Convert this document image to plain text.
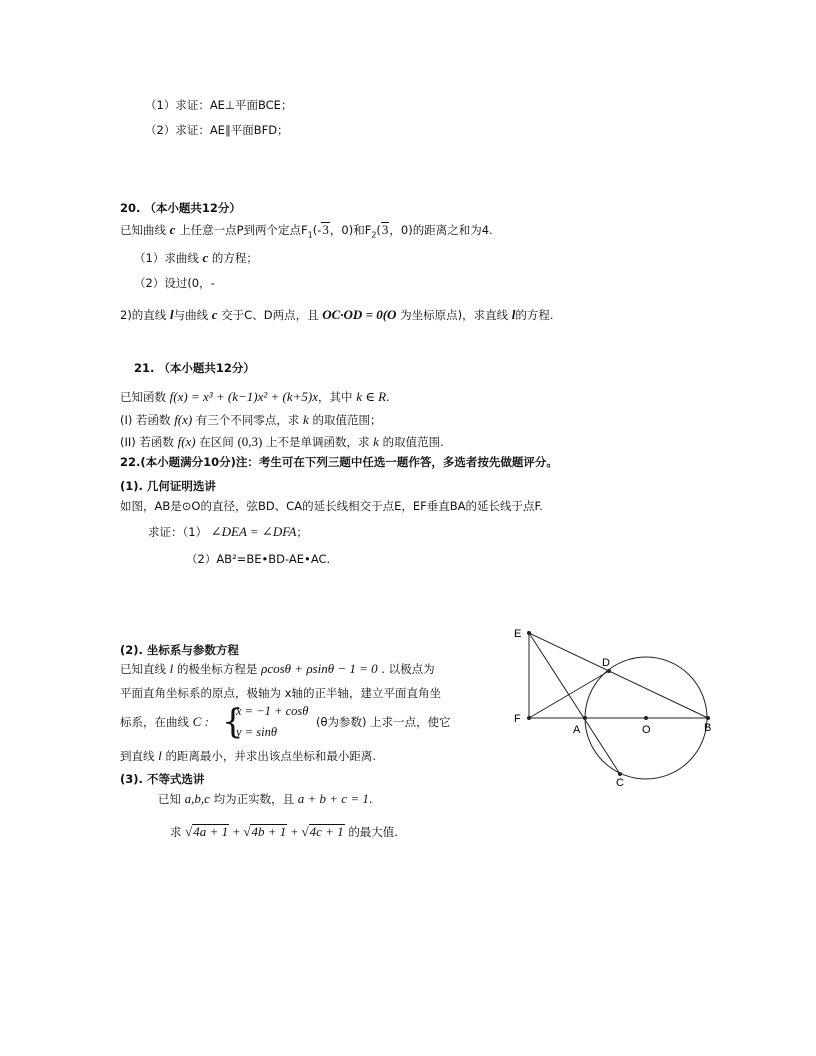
（1）求证：AE⊥平面BCE；
（2）求证：AE∥平面BFD；
20. （本小题共12分）
已知曲线 c 上任意一点P到两个定点$F_1(-3$，0)和$F_2(3$，0)的距离之和为4.
（1）求曲线 c 的方程；
（2）设过(0，-
2)的直线 l与曲线 c 交于C、D两点，且 OC·OD = 0(O 为坐标原点)，求直线 l的方程.
21. （本小题共12分）
已知函数 f(x) = x³ + (k−1)x² + (k+5)x，其中 k ∈ R.
(I) 若函数 f(x) 有三个不同零点，求 k 的取值范围；
(II) 若函数 f(x) 在区间 (0,3) 上不是单调函数，求 k 的取值范围.
22.(本小题满分10分)注：考生可在下列三题中任选一题作答，多选者按先做题评分。
(1). 几何证明选讲
如图，AB是⊙O的直径，弦BD、CA的延长线相交于点E，EF垂直BA的延长线于点F.
求证：（1） ∠DEA = ∠DFA；
（2）AB²=BE•BD-AE•AC.
(2). 坐标系与参数方程
已知直线 l 的极坐标方程是 ρcosθ + ρsinθ − 1 = 0 . 以极点为
平面直角坐标系的原点，极轴为 x轴的正半轴，建立平面直角坐
标系，在曲线 C : {
x = −1 + cosθ
y = sinθ
(θ为参数) 上求一点，使它
到直线 l 的距离最小，并求出该点坐标和最小距离.
(3). 不等式选讲
已知 a,b,c 均为正实数，且 a + b + c = 1.
求 √4a + 1 + √4b + 1 + √4c + 1 的最大值.
E
D
F
A	O	B
C
